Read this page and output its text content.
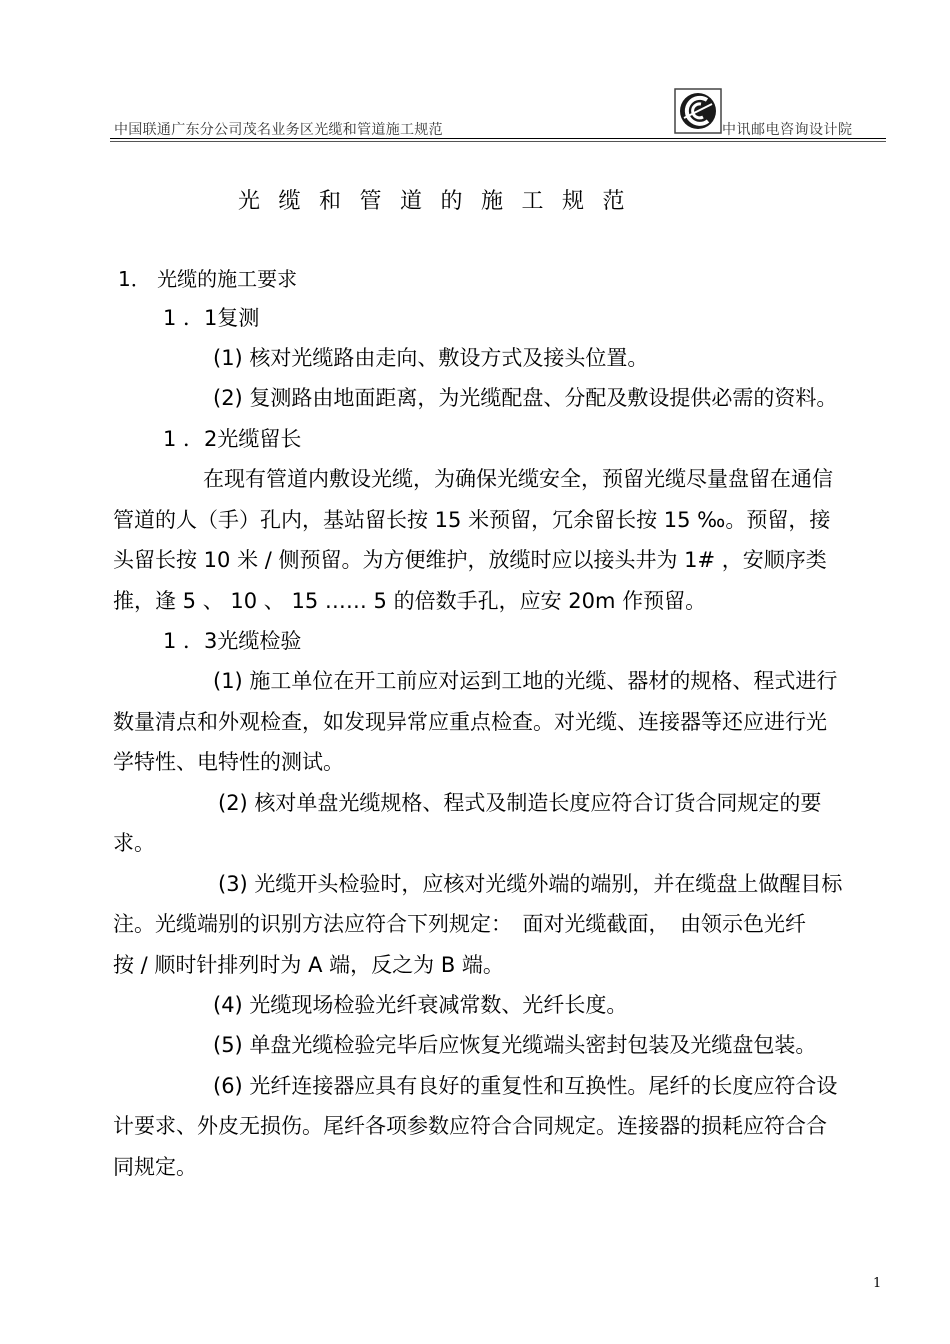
中国联通广东分公司茂名业务区光缆和管道施工规范	中讯邮电咨询设计院
光缆和管道的施工规范
1． 光缆的施工要求
1 ．1复测
(1) 核对光缆路由走向、敷设方式及接头位置。
(2) 复测路由地面距离，为光缆配盘、分配及敷设提供必需的资料。
1 ．2光缆留长
在现有管道内敷设光缆，为确保光缆安全，预留光缆尽量盘留在通信
管道的人（手）孔内，基站留长按 15 米预留，冗余留长按 15 ‰。预留，接
头留长按 10 米 / 侧预留。为方便维护，放缆时应以接头井为 1# ，安顺序类
推，逢 5 、 10 、 15 …… 5 的倍数手孔，应安 20m 作预留。
1 ．3光缆检验
(1) 施工单位在开工前应对运到工地的光缆、器材的规格、程式进行
数量清点和外观检查，如发现异常应重点检查。对光缆、连接器等还应进行光
学特性、电特性的测试。
(2) 核对单盘光缆规格、程式及制造长度应符合订货合同规定的要
求。
(3) 光缆开头检验时，应核对光缆外端的端别，并在缆盘上做醒目标
注。光缆端别的识别方法应符合下列规定：　面对光缆截面，　由领示色光纤
按 / 顺时针排列时为 A 端，反之为 B 端。
(4) 光缆现场检验光纤衰减常数、光纤长度。
(5) 单盘光缆检验完毕后应恢复光缆端头密封包装及光缆盘包装。
(6) 光纤连接器应具有良好的重复性和互换性。尾纤的长度应符合设
计要求、外皮无损伤。尾纤各项参数应符合合同规定。连接器的损耗应符合合
同规定。
1
